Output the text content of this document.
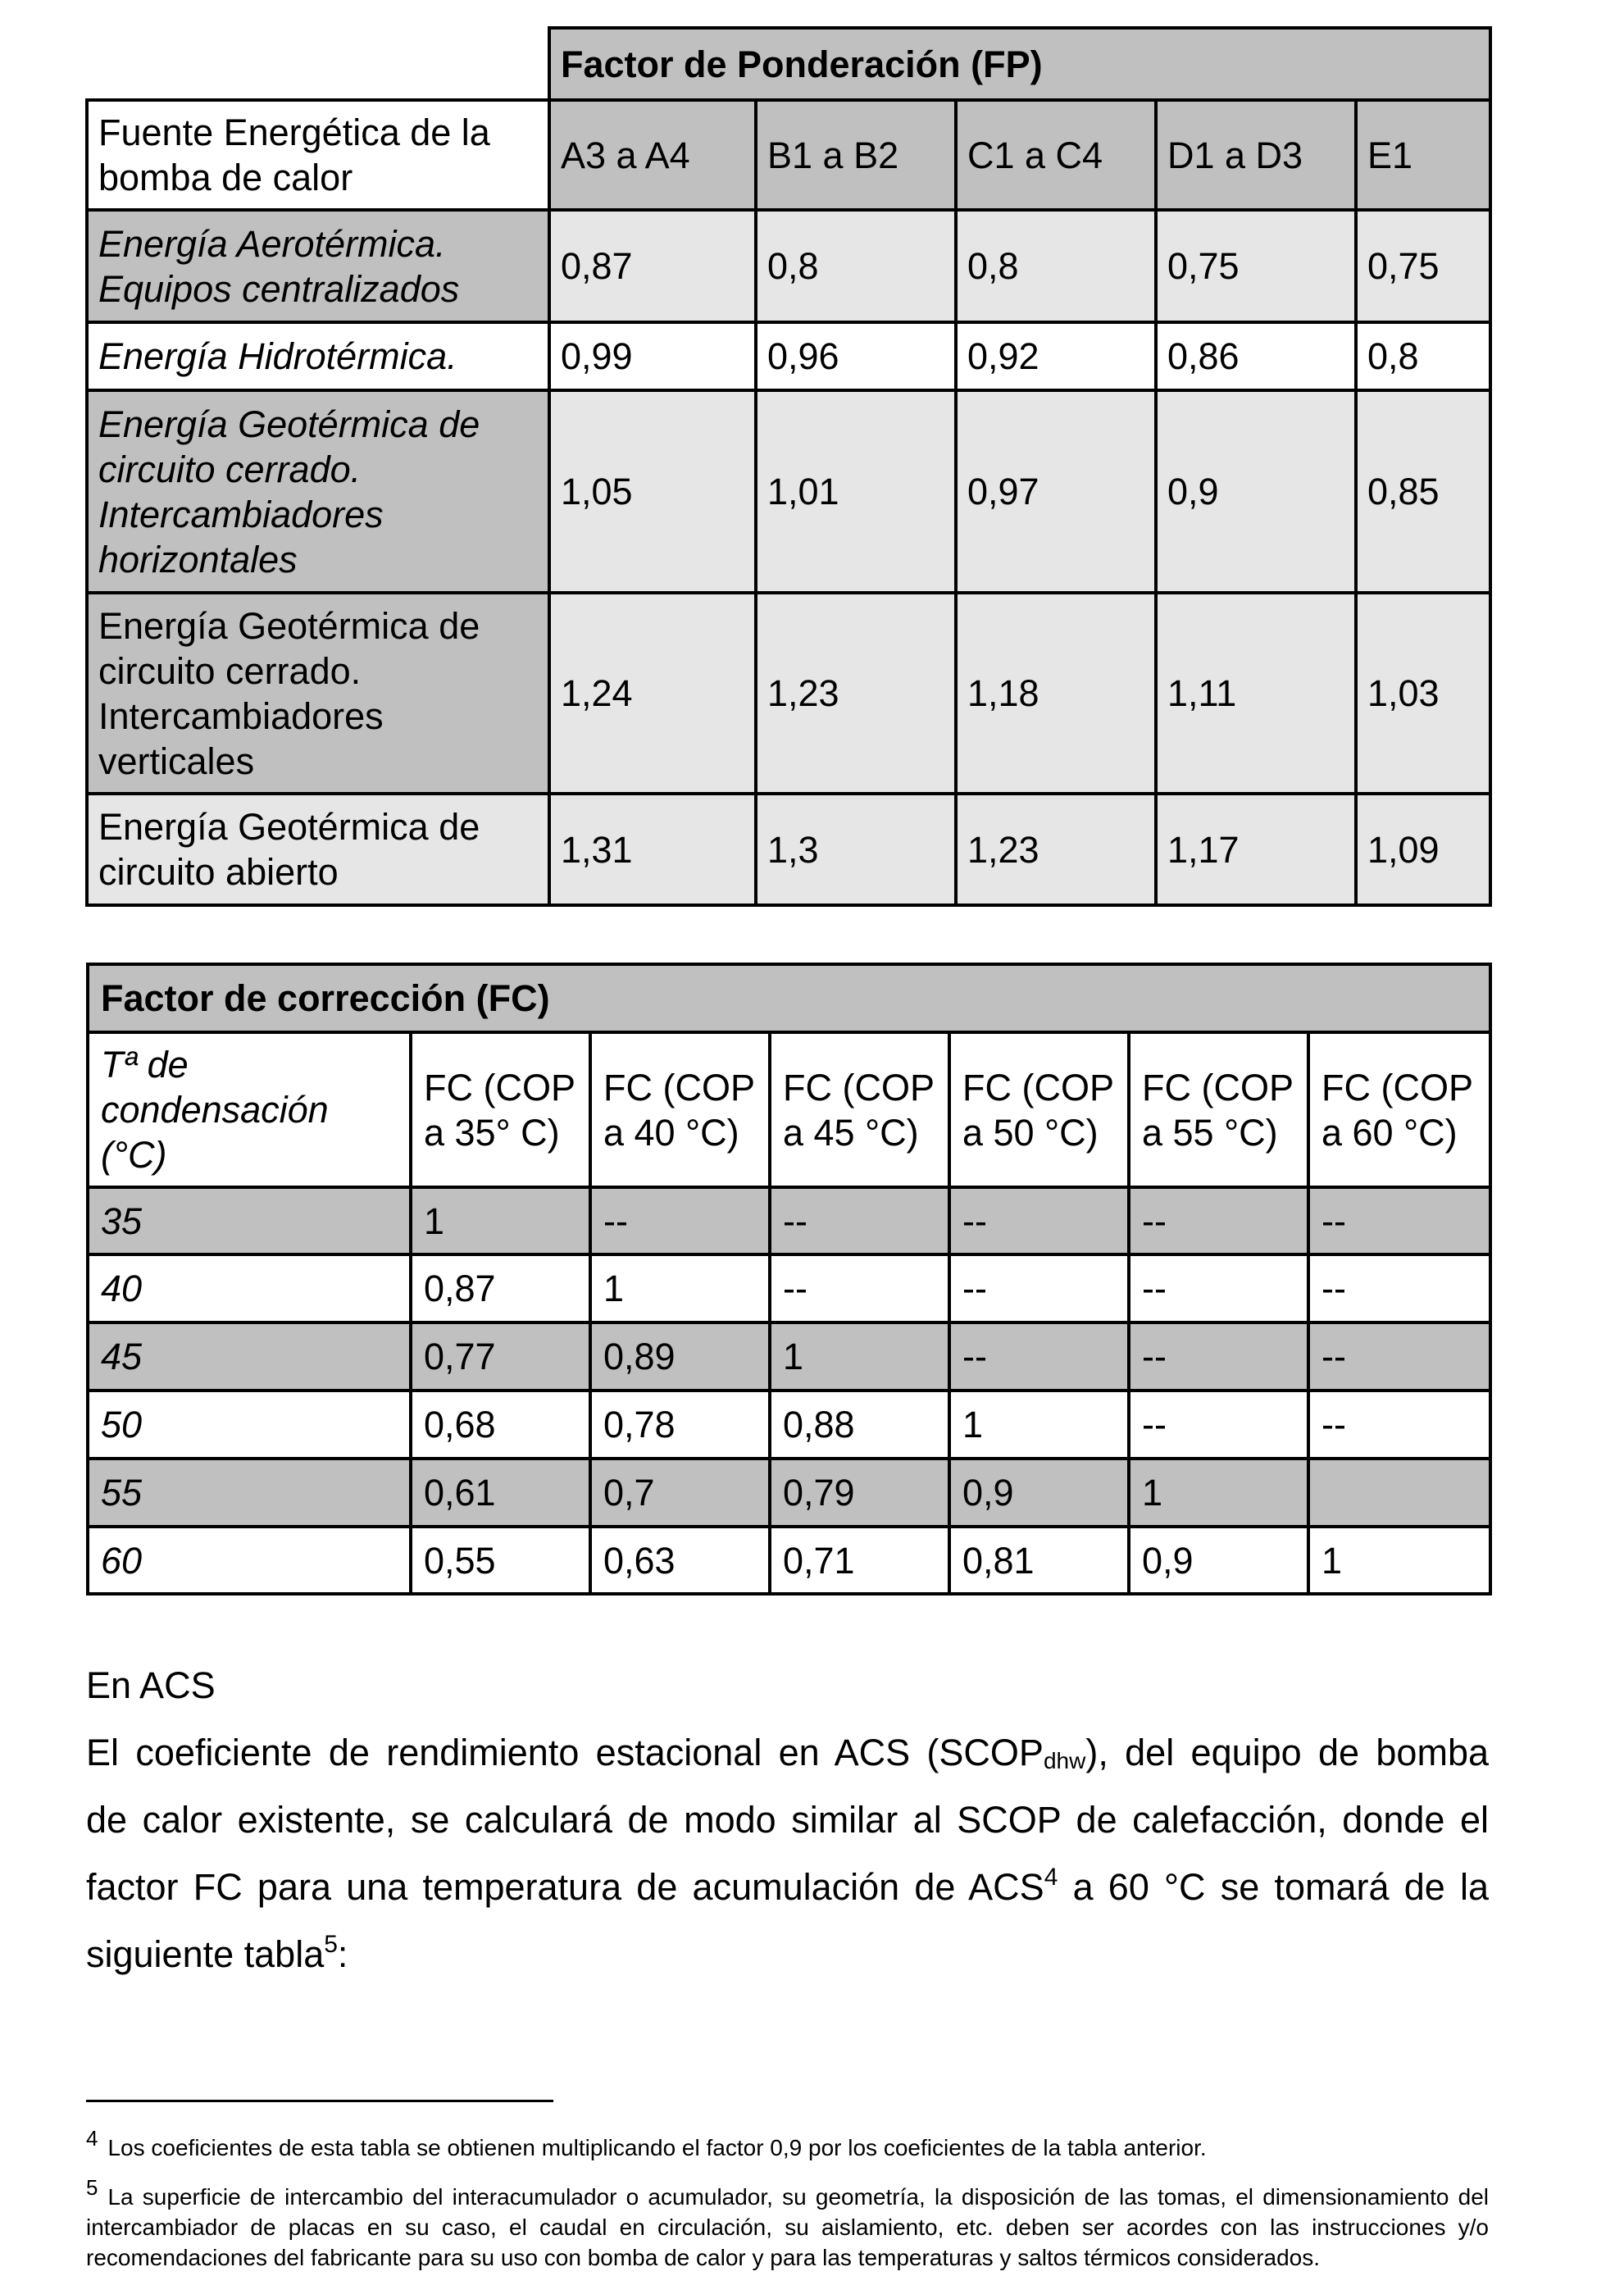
	Factor de Ponderación (FP)				
Fuente Energética de la bomba de calor	A3 a A4	B1 a B2	C1 a C4	D1 a D3	E1
Energía Aerotérmica. Equipos centralizados	0,87	0,8	0,8	0,75	0,75
Energía Hidrotérmica.	0,99	0,96	0,92	0,86	0,8
Energía Geotérmica de circuito cerrado. Intercambiadores horizontales	1,05	1,01	0,97	0,9	0,85
Energía Geotérmica de circuito cerrado. Intercambiadores verticales	1,24	1,23	1,18	1,11	1,03
Energía Geotérmica de circuito abierto	1,31	1,3	1,23	1,17	1,09
Factor de corrección (FC)						
Tª de condensación (°C)	FC (COP a 35° C)	FC (COP a 40 °C)	FC (COP a 45 °C)	FC (COP a 50 °C)	FC (COP a 55 °C)	FC (COP a 60 °C)
35	1	--	--	--	--	--
40	0,87	1	--	--	--	--
45	0,77	0,89	1	--	--	--
50	0,68	0,78	0,88	1	--	--
55	0,61	0,7	0,79	0,9	1	
60	0,55	0,63	0,71	0,81	0,9	1

En ACS

El coeficiente de rendimiento estacional en ACS $(SCOP_{dhw})$, del equipo de bomba

de calor existente, se calculará de modo similar al SCOP de calefacción, donde el

factor FC para una temperatura de acumulación de ACS$^4$ a 60 °C se tomará de la

siguiente tabla$^5$:

4 Los coeficientes de esta tabla se obtienen multiplicando el factor 0,9 por los coeficientes de la tabla anterior.

5 La superficie de intercambio del interacumulador o acumulador, su geometría, la disposición de las tomas, el dimensionamiento del intercambiador de placas en su caso, el caudal en circulación, su aislamiento, etc. deben ser acordes con las instrucciones y/o recomendaciones del fabricante para su uso con bomba de calor y para las temperaturas y saltos térmicos considerados.
